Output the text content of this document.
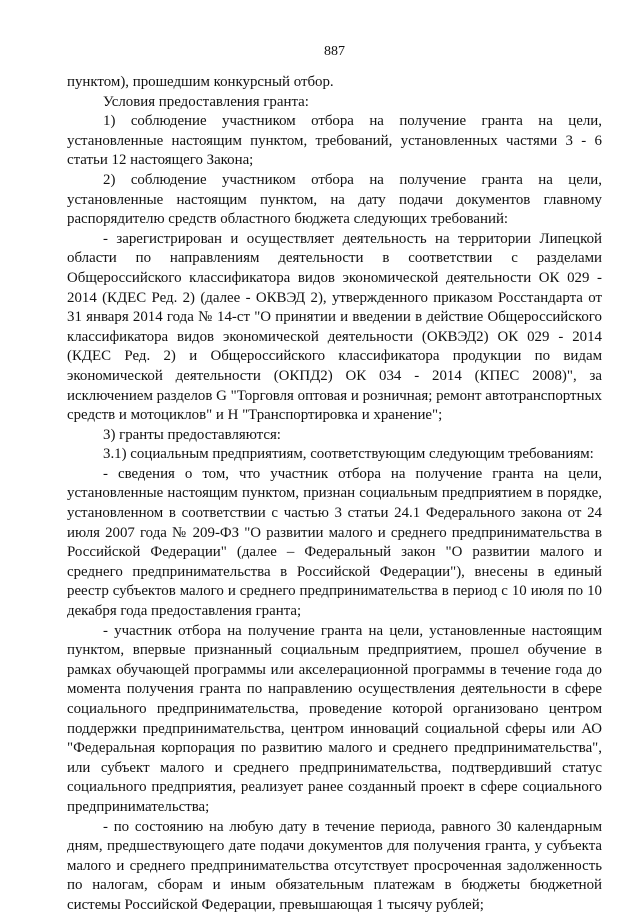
887

пунктом), прошедшим конкурсный отбор.

Условия предоставления гранта:

1) соблюдение участником отбора на получение гранта на цели, установленные настоящим пунктом, требований, установленных частями 3 - 6 статьи 12 настоящего Закона;

2) соблюдение участником отбора на получение гранта на цели, установленные настоящим пунктом, на дату подачи документов главному распорядителю средств областного бюджета следующих требований:

- зарегистрирован и осуществляет деятельность на территории Липецкой области по направлениям деятельности в соответствии с разделами Общероссийского классификатора видов экономической деятельности ОК 029 - 2014 (КДЕС Ред. 2) (далее - ОКВЭД 2), утвержденного приказом Росстандарта от 31 января 2014 года № 14-ст "О принятии и введении в действие Общероссийского классификатора видов экономической деятельности (ОКВЭД2) ОК 029 - 2014 (КДЕС Ред. 2) и Общероссийского классификатора продукции по видам экономической деятельности (ОКПД2) ОК 034 - 2014 (КПЕС 2008)", за исключением разделов G "Торговля оптовая и розничная; ремонт автотранспортных средств и мотоциклов" и Н "Транспортировка и хранение";

3) гранты предоставляются:

3.1) социальным предприятиям, соответствующим следующим требованиям:

- сведения о том, что участник отбора на получение гранта на цели, установленные настоящим пунктом, признан социальным предприятием в порядке, установленном в соответствии с частью 3 статьи 24.1 Федерального закона от 24 июля 2007 года № 209-ФЗ "О развитии малого и среднего предпринимательства в Российской Федерации" (далее – Федеральный закон "О развитии малого и среднего предпринимательства в Российской Федерации"), внесены в единый реестр субъектов малого и среднего предпринимательства в период с 10 июля по 10 декабря года предоставления гранта;

- участник отбора на получение гранта на цели, установленные настоящим пунктом, впервые признанный социальным предприятием, прошел обучение в рамках обучающей программы или акселерационной программы в течение года до момента получения гранта по направлению осуществления деятельности в сфере социального предпринимательства, проведение которой организовано центром поддержки предпринимательства, центром инноваций социальной сферы или АО "Федеральная корпорация по развитию малого и среднего предпринимательства", или субъект малого и среднего предпринимательства, подтвердивший статус социального предприятия, реализует ранее созданный проект в сфере социального предпринимательства;

- по состоянию на любую дату в течение периода, равного 30 календарным дням, предшествующего дате подачи документов для получения гранта, у субъекта малого и среднего предпринимательства отсутствует просроченная задолженность по налогам, сборам и иным обязательным платежам в бюджеты бюджетной системы Российской Федерации, превышающая 1 тысячу рублей;
